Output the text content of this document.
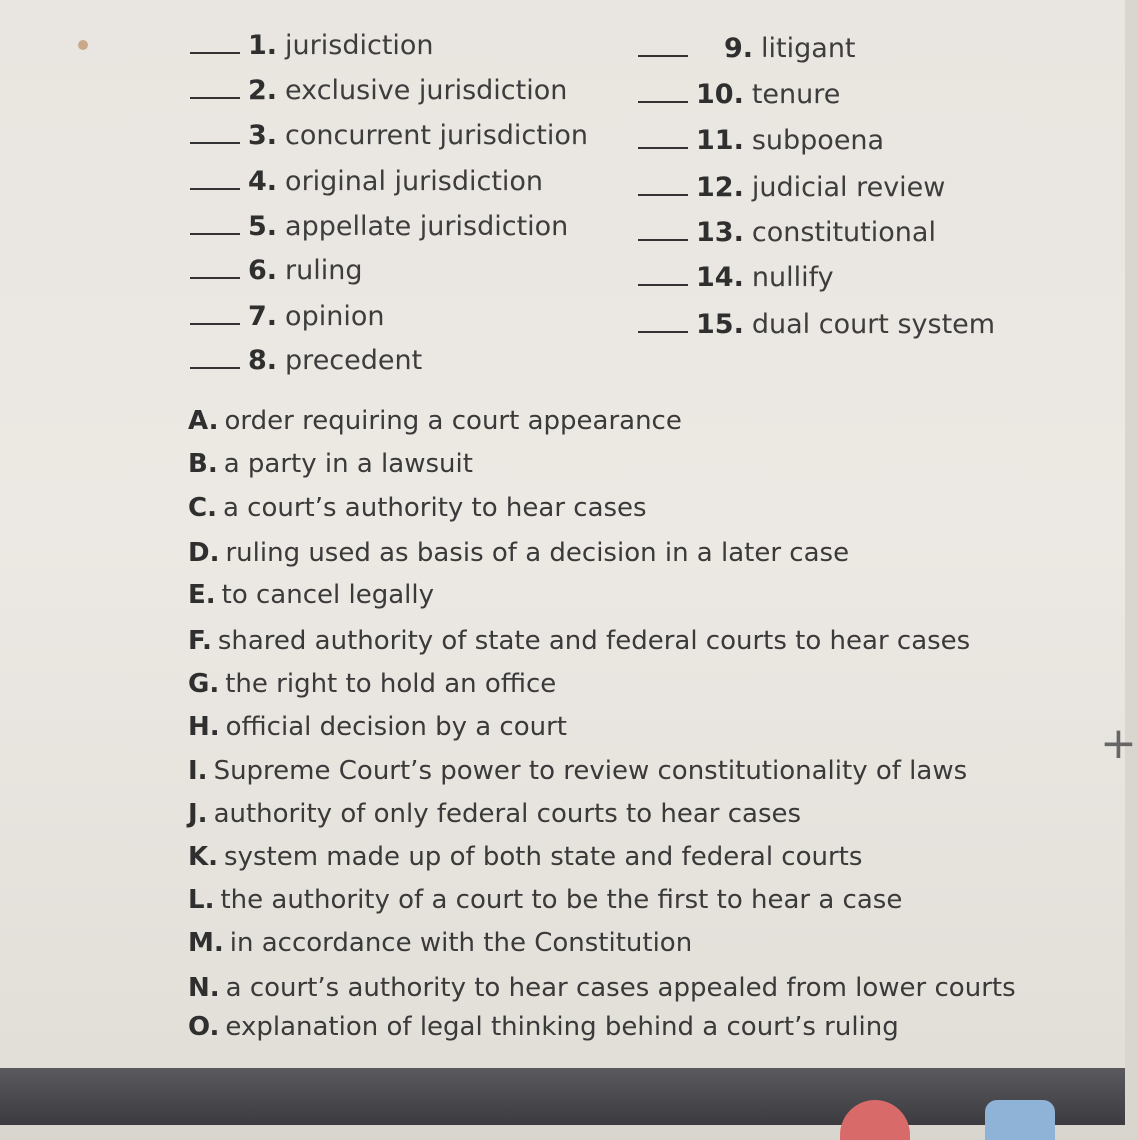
1. jurisdiction
2. exclusive jurisdiction
3. concurrent jurisdiction
4. original jurisdiction
5. appellate jurisdiction
6. ruling
7. opinion
8. precedent
9. litigant
10. tenure
11. subpoena
12. judicial review
13. constitutional
14. nullify
15. dual court system
A. order requiring a court appearance
B. a party in a lawsuit
C. a court’s authority to hear cases
D. ruling used as basis of a decision in a later case
E. to cancel legally
F. shared authority of state and federal courts to hear cases
G. the right to hold an office
H. official decision by a court
I. Supreme Court’s power to review constitutionality of laws
J. authority of only federal courts to hear cases
K. system made up of both state and federal courts
L. the authority of a court to be the first to hear a case
M. in accordance with the Constitution
N. a court’s authority to hear cases appealed from lower courts
O. explanation of legal thinking behind a court’s ruling
+
